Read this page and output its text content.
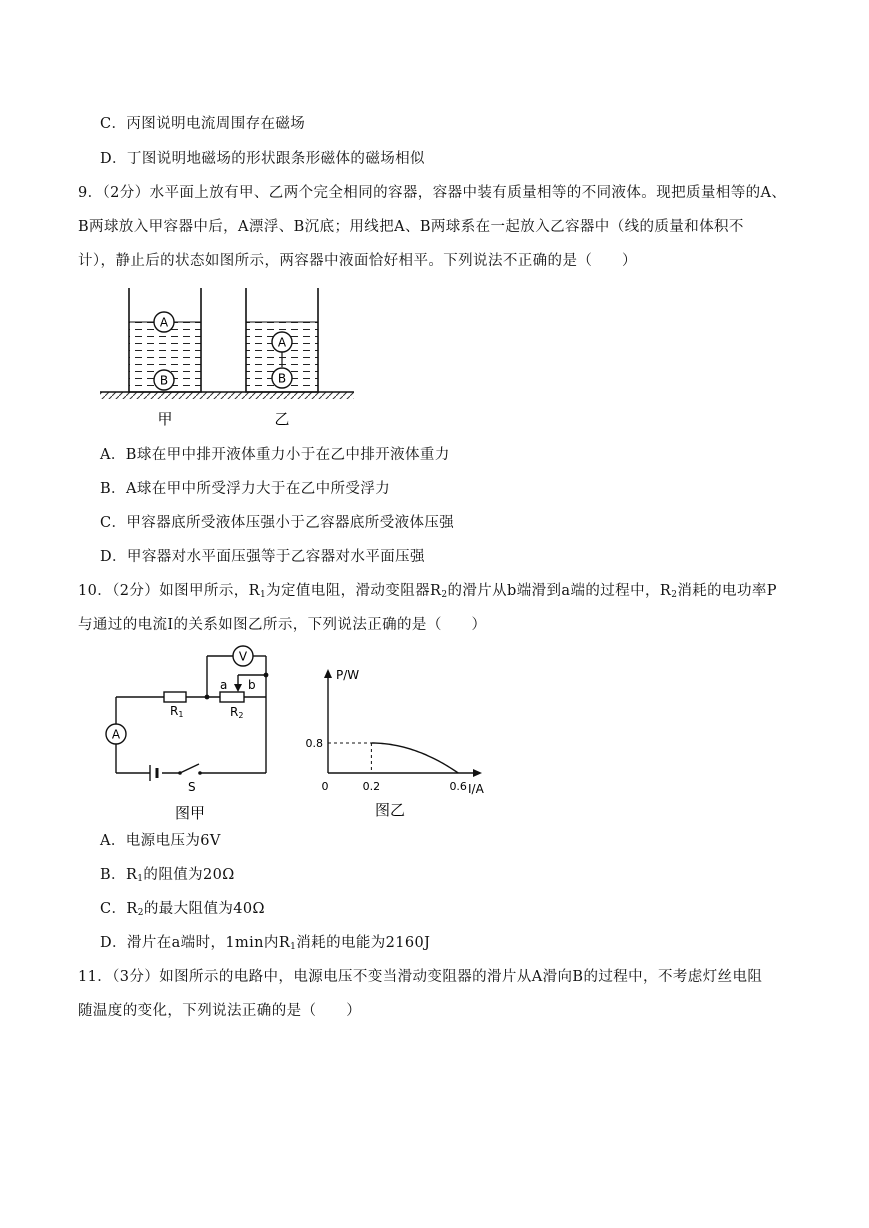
C．丙图说明电流周围存在磁场
D．丁图说明地磁场的形状跟条形磁体的磁场相似
9．（2分）水平面上放有甲、乙两个完全相同的容器，容器中装有质量相等的不同液体。现把质量相等的A、
B两球放入甲容器中后，A漂浮、B沉底；用线把A、B两球系在一起放入乙容器中（线的质量和体积不
计），静止后的状态如图所示，两容器中液面恰好相平。下列说法不正确的是（　　）
A
B
A
B
甲	乙
A．B球在甲中排开液体重力小于在乙中排开液体重力
B．A球在甲中所受浮力大于在乙中所受浮力
C．甲容器底所受液体压强小于乙容器底所受液体压强
D．甲容器对水平面压强等于乙容器对水平面压强
10．（2分）如图甲所示，$R_1$为定值电阻，滑动变阻器$R_2$的滑片从b端滑到a端的过程中，$R_2$消耗的电功率P
与通过的电流I的关系如图乙所示，下列说法正确的是（　　）
V
A
R1	R2
a b
S
图甲
P/W
I/A
0	0.2	0.6
0.8
图乙
A．电源电压为6V
B．$R_1$的阻值为20Ω
C．$R_2$的最大阻值为40Ω
D．滑片在a端时，1min内$R_1$消耗的电能为2160J
11．（3分）如图所示的电路中，电源电压不变当滑动变阻器的滑片从A滑向B的过程中，不考虑灯丝电阻
随温度的变化，下列说法正确的是（　　）
